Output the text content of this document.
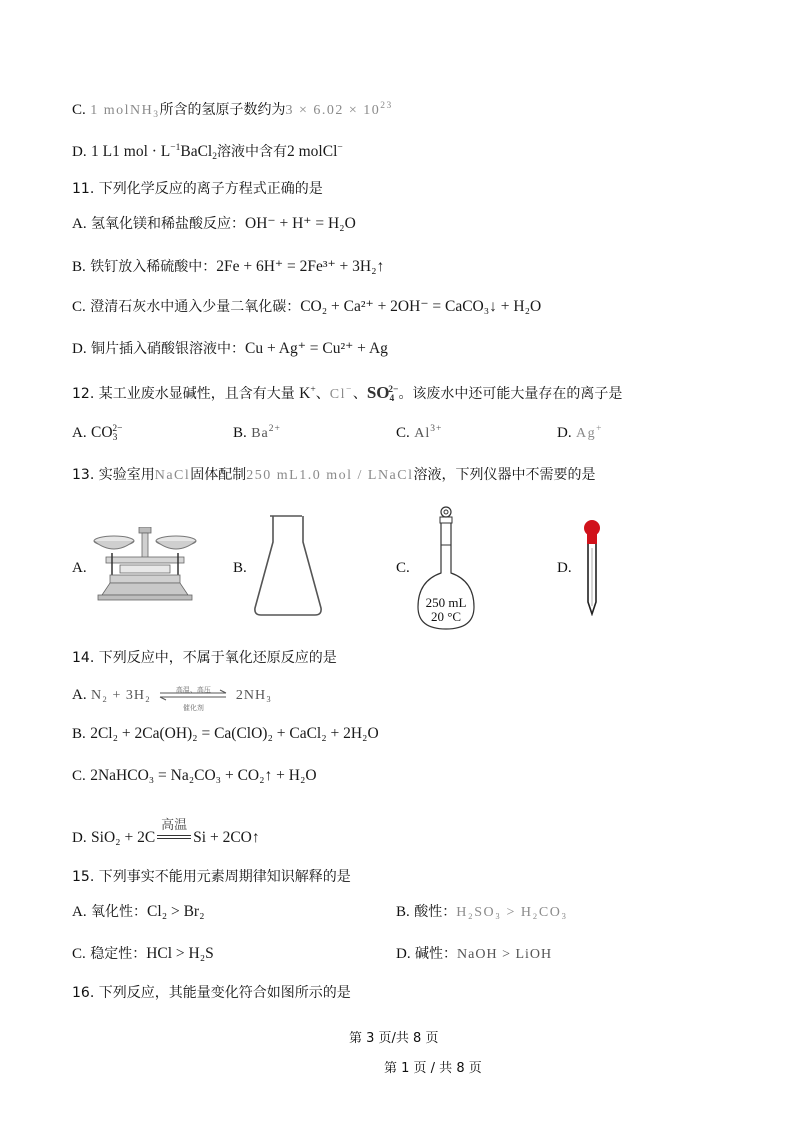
C. 1 molNH$_3$所含的氢原子数约为$3 \times 6.02 \times 10^{23}$
D. 1 L1 mol · $L^{-1}BaCl_2$溶液中含有2 molCl−
11. 下列化学反应的离子方程式正确的是
A. 氢氧化镁和稀盐酸反应：OH⁻ + H⁺ = H₂O
B. 铁钉放入稀硫酸中：2Fe + 6H⁺ = 2Fe³⁺ + 3H₂↑
C. 澄清石灰水中通入少量二氧化碳：CO₂ + Ca²⁺ + 2OH⁻ = CaCO₃↓ + H₂O
D. 铜片插入硝酸银溶液中：Cu + Ag⁺ = Cu²⁺ + Ag
12. 某工业废水显碱性，且含有大量 K+、Cl−、$SO_4^{2-}$。该废水中还可能大量存在的离子是
A. $CO_3^{2-}$	B. $Ba^{2+}$	C. $Al^{3+}$	D. Ag+
13. 实验室用NaCl固体配制250 mL1.0 mol / LNaCl溶液，下列仪器中不需要的是
A.	B.	C.
250 mL
20 °C
D.
14. 下列反应中，不属于氧化还原反应的是
A. N₂ + 3H₂	高温、高压
催化剂
2NH₃
B. 2Cl₂ + 2Ca(OH)₂ = Ca(ClO)₂ + CaCl₂ + 2H₂O
C. 2NaHCO₃ = Na₂CO₃ + CO₂↑ + H₂O
D. SiO₂ + 2C
高温
Si + 2CO↑
15. 下列事实不能用元素周期律知识解释的是
A. 氧化性：Cl₂ > Br₂	B. 酸性：H₂SO₃ > H₂CO₃
C. 稳定性：HCl > H₂S	D. 碱性：NaOH > LiOH
16. 下列反应，其能量变化符合如图所示的是
第 3 页/共 8 页
第 1 页 / 共 8 页
